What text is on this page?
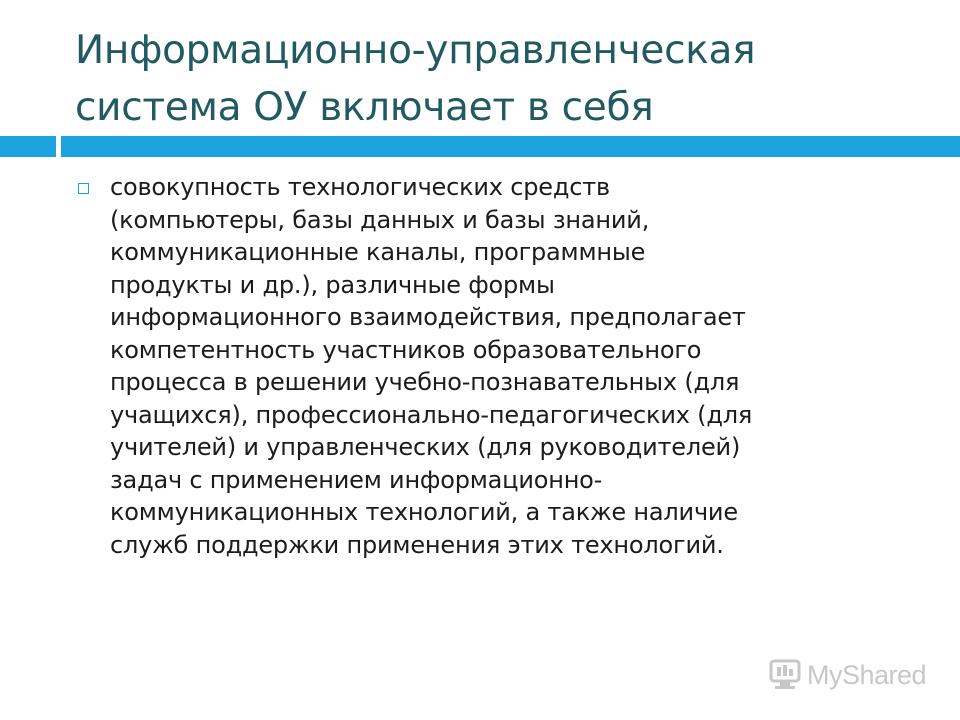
Информационно-управленческая
система ОУ включает в себя

совокупность технологических средств
(компьютеры, базы данных и базы знаний,
коммуникационные каналы, программные
продукты и др.), различные формы
информационного взаимодействия, предполагает
компетентность участников образовательного
процесса в решении учебно-познавательных (для
учащихся), профессионально-педагогических (для
учителей) и управленческих (для руководителей)
задач с применением информационно-
коммуникационных технологий, а также наличие
служб поддержки применения этих технологий.

MyShared
